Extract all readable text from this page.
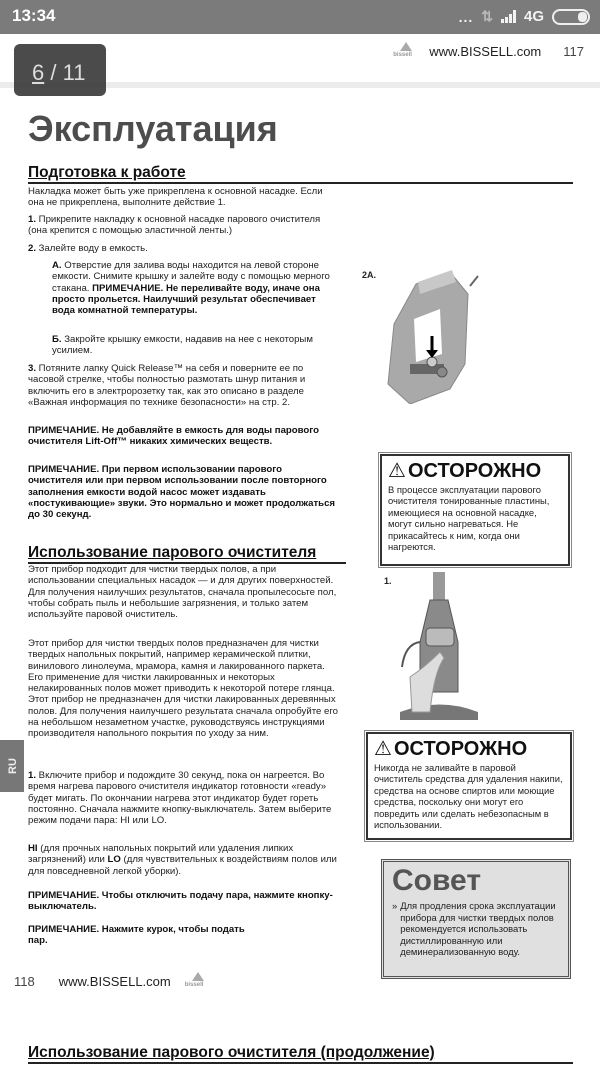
13:34	... ⇅ 4G
6 / 11
bissell	www.BISSELL.com 117
Эксплуатация
Подготовка к работе
Накладка может быть уже прикреплена к основной насадке. Если она не прикреплена, выполните действие 1.
1. Прикрепите накладку к основной насадке парового очистителя (она крепится с помощью эластичной ленты.)
2. Залейте воду в емкость.
А. Отверстие для залива воды находится на левой стороне емкости. Снимите крышку и залейте воду с помощью мерного стакана. ПРИМЕЧАНИЕ. Не переливайте воду, иначе она просто прольется. Наилучший результат обеспечивает вода комнатной температуры.
Б. Закройте крышку емкости, надавив на нее с некоторым усилием.
3. Потяните лапку Quick Release™ на себя и поверните ее по часовой стрелке, чтобы полностью размотать шнур питания и включить его в электророзетку так, как это описано в разделе «Важная информация по технике безопасности» на стр. 2.
ПРИМЕЧАНИЕ. Не добавляйте в емкость для воды парового очистителя Lift-Off™ никаких химических веществ.
ПРИМЕЧАНИЕ. При первом использовании парового очистителя или при первом использовании после повторного заполнения емкости водой насос может издавать «постукивающие» звуки. Это нормально и может продолжаться до 30 секунд.
2A.
⚠ ОСТОРОЖНО
В процессе эксплуатации парового очистителя тонированные пластины, имеющиеся на основной насадке, могут сильно нагреваться. Не прикасайтесь к ним, когда они нагреются.
Использование парового очистителя
Этот прибор подходит для чистки твердых полов, а при использовании специальных насадок — и для других поверхностей. Для получения наилучших результатов, сначала пропылесосьте пол, чтобы собрать пыль и небольшие загрязнения, и только затем используйте паровой очиститель.
Этот прибор для чистки твердых полов предназначен для чистки твердых напольных покрытий, например керамической плитки, винилового линолеума, мрамора, камня и лакированного паркета. Его применение для чистки лакированных и некоторых нелакированных полов может приводить к некоторой потере глянца. Этот прибор не предназначен для чистки лакированных деревянных полов. Для получения наилучшего результата сначала опробуйте его на небольшом незаметном участке, руководствуясь инструкциями производителя напольного покрытия по уходу за ним.
1. Включите прибор и подождите 30 секунд, пока он нагреется. Во время нагрева парового очистителя индикатор готовности «ready» будет мигать. По окончании нагрева этот индикатор будет гореть постоянно. Сначала нажмите кнопку-выключатель. Затем выберите режим подачи пара: HI или LO.
HI (для прочных напольных покрытий или удаления липких загрязнений) или LO (для чувствительных к воздействиям полов или для повседневной легкой уборки).
ПРИМЕЧАНИЕ. Чтобы отключить подачу пара, нажмите кнопку-выключатель.
ПРИМЕЧАНИЕ. Нажмите курок, чтобы подать пар.
1.
⚠ ОСТОРОЖНО
Никогда не заливайте в паровой очиститель средства для удаления накипи, средства на основе спиртов или моющие средства, поскольку они могут его повредить или сделать небезопасным в использовании.
Совет
» Для продления срока эксплуатации прибора для чистки твердых полов рекомендуется использовать дистиллированную или деминерализованную воду.
RU
118 www.BISSELL.com bissell
Использование парового очистителя (продолжение)
